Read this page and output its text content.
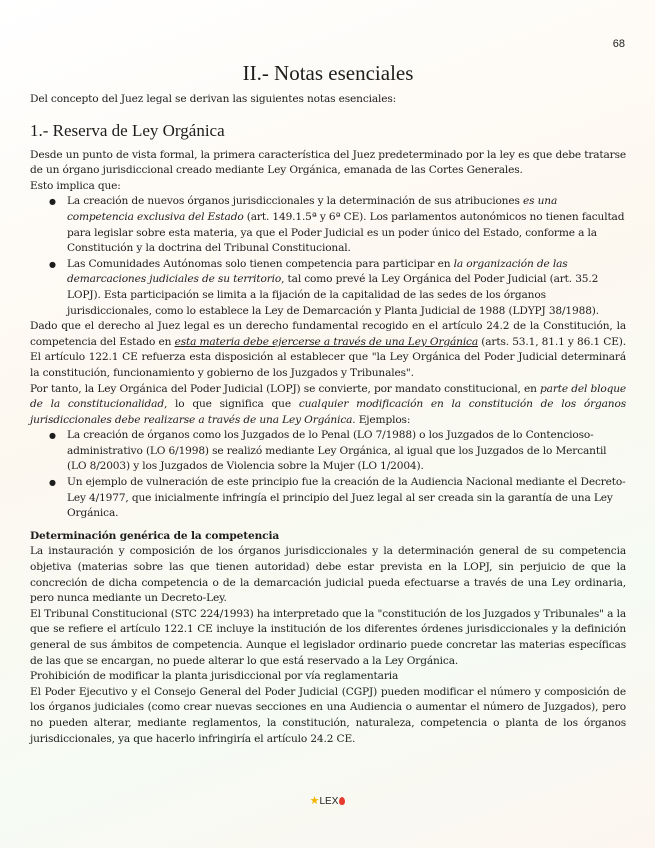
68
II.- Notas esenciales

Del concepto del Juez legal se derivan las siguientes notas esenciales:

1.- Reserva de Ley Orgánica

Desde un punto de vista formal, la primera característica del Juez predeterminado por la ley es que debe tratarse de un órgano jurisdiccional creado mediante Ley Orgánica, emanada de las Cortes Generales.

Esto implica que:

● La creación de nuevos órganos jurisdiccionales y la determinación de sus atribuciones es una competencia exclusiva del Estado (art. 149.1.5ª y 6ª CE). Los parlamentos autonómicos no tienen facultad para legislar sobre esta materia, ya que el Poder Judicial es un poder único del Estado, conforme a la Constitución y la doctrina del Tribunal Constitucional.
● Las Comunidades Autónomas solo tienen competencia para participar en la organización de las demarcaciones judiciales de su territorio, tal como prevé la Ley Orgánica del Poder Judicial (art. 35.2 LOPJ). Esta participación se limita a la fijación de la capitalidad de las sedes de los órganos jurisdiccionales, como lo establece la Ley de Demarcación y Planta Judicial de 1988 (LDYPJ 38/1988).

Dado que el derecho al Juez legal es un derecho fundamental recogido en el artículo 24.2 de la Constitución, la competencia del Estado en esta materia debe ejercerse a través de una Ley Orgánica (arts. 53.1, 81.1 y 86.1 CE). El artículo 122.1 CE refuerza esta disposición al establecer que "la Ley Orgánica del Poder Judicial determinará la constitución, funcionamiento y gobierno de los Juzgados y Tribunales".

Por tanto, la Ley Orgánica del Poder Judicial (LOPJ) se convierte, por mandato constitucional, en parte del bloque de la constitucionalidad, lo que significa que cualquier modificación en la constitución de los órganos jurisdiccionales debe realizarse a través de una Ley Orgánica. Ejemplos:

● La creación de órganos como los Juzgados de lo Penal (LO 7/1988) o los Juzgados de lo Contencioso-administrativo (LO 6/1998) se realizó mediante Ley Orgánica, al igual que los Juzgados de lo Mercantil (LO 8/2003) y los Juzgados de Violencia sobre la Mujer (LO 1/2004).
● Un ejemplo de vulneración de este principio fue la creación de la Audiencia Nacional mediante el Decreto-Ley 4/1977, que inicialmente infringía el principio del Juez legal al ser creada sin la garantía de una Ley Orgánica.
Determinación genérica de la competencia

La instauración y composición de los órganos jurisdiccionales y la determinación general de su competencia objetiva (materias sobre las que tienen autoridad) debe estar prevista en la LOPJ, sin perjuicio de que la concreción de dicha competencia o de la demarcación judicial pueda efectuarse a través de una Ley ordinaria, pero nunca mediante un Decreto-Ley.

El Tribunal Constitucional (STC 224/1993) ha interpretado que la "constitución de los Juzgados y Tribunales" a la que se refiere el artículo 122.1 CE incluye la institución de los diferentes órdenes jurisdiccionales y la definición general de sus ámbitos de competencia. Aunque el legislador ordinario puede concretar las materias específicas de las que se encargan, no puede alterar lo que está reservado a la Ley Orgánica.

Prohibición de modificar la planta jurisdiccional por vía reglamentaria

El Poder Ejecutivo y el Consejo General del Poder Judicial (CGPJ) pueden modificar el número y composición de los órganos judiciales (como crear nuevas secciones en una Audiencia o aumentar el número de Juzgados), pero no pueden alterar, mediante reglamentos, la constitución, naturaleza, competencia o planta de los órganos jurisdiccionales, ya que hacerlo infringiría el artículo 24.2 CE.

★LEX
